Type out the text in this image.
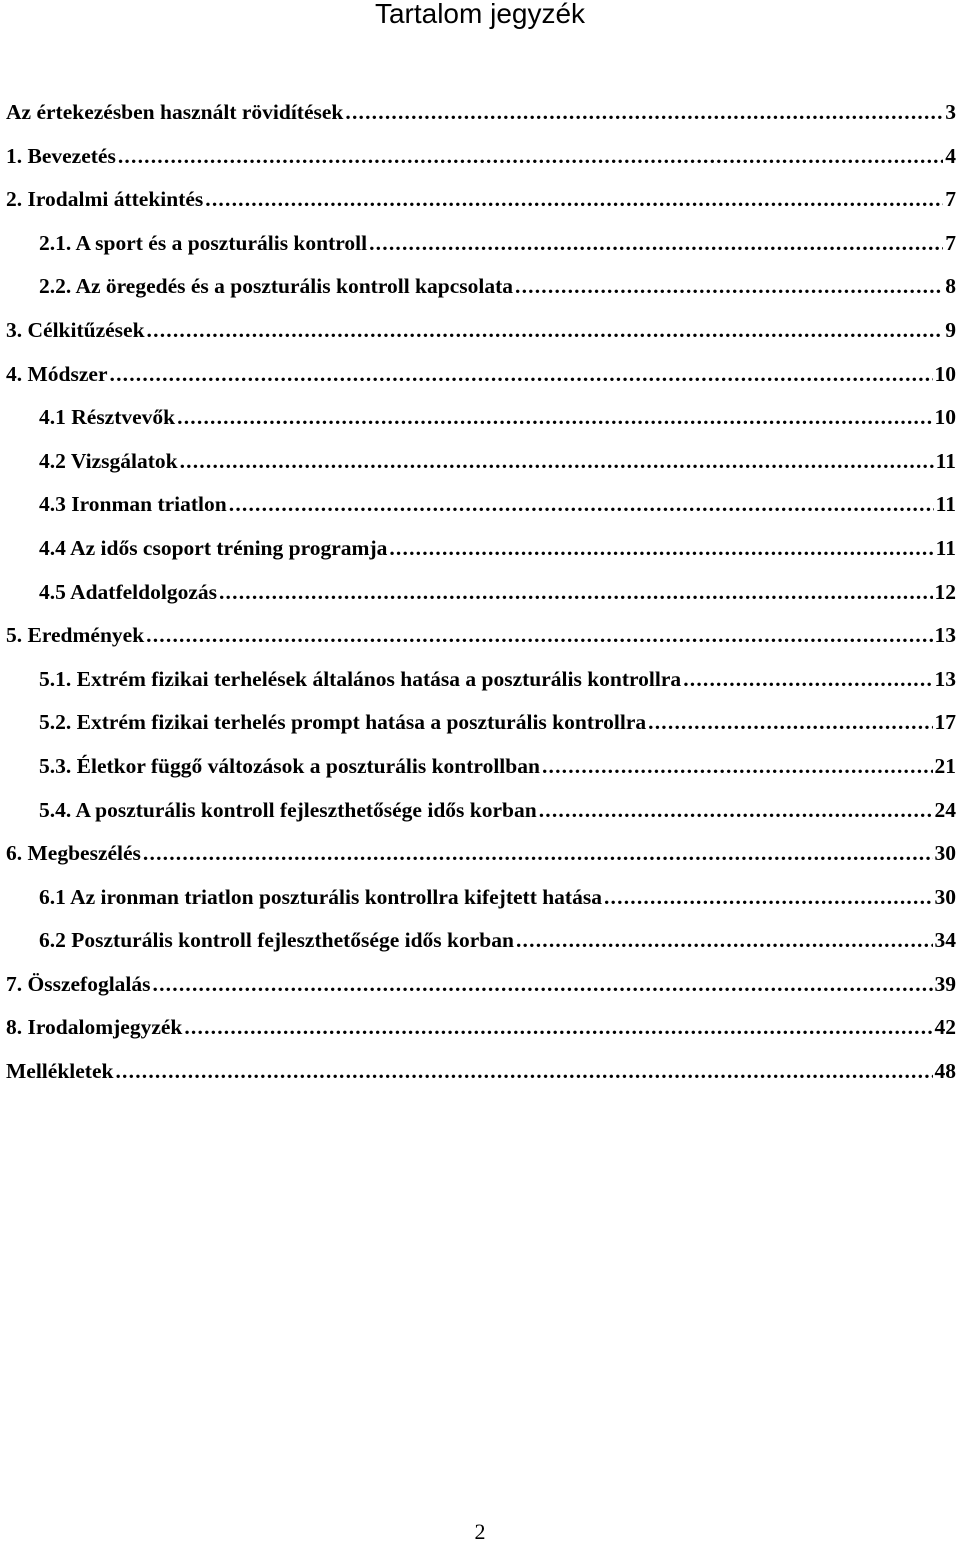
Tartalom jegyzék
Az értekezésben használt rövidítések .....	3
1. Bevezetés .....	4
2. Irodalmi áttekintés .....	7
2.1. A sport és a poszturális kontroll .....	7
2.2. Az öregedés és a poszturális kontroll kapcsolata .....	8
3. Célkitűzések .....	9
4. Módszer .....	10
4.1 Résztvevők .....	10
4.2 Vizsgálatok .....	11
4.3 Ironman triatlon .....	11
4.4 Az idős csoport tréning programja .....	11
4.5 Adatfeldolgozás .....	12
5. Eredmények .....	13
5.1. Extrém fizikai terhelések általános hatása a poszturális kontrollra .....	13
5.2. Extrém fizikai terhelés prompt hatása a poszturális kontrollra .....	17
5.3. Életkor függő változások a poszturális kontrollban .....	21
5.4. A poszturális kontroll fejleszthetősége idős korban .....	24
6. Megbeszélés .....	30
6.1 Az ironman triatlon poszturális kontrollra kifejtett hatása .....	30
6.2 Poszturális kontroll fejleszthetősége idős korban .....	34
7. Összefoglalás .....	39
8. Irodalomjegyzék .....	42
Mellékletek .....	48
2
